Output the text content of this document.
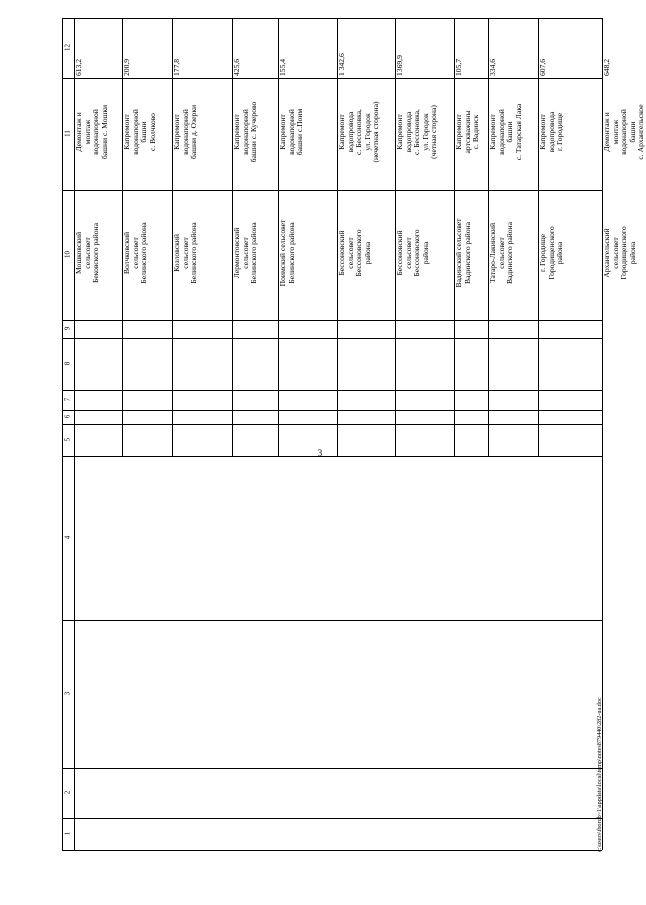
3
1
2
3
4
5
6
7
8
9
10
11
12
613,2
Демонтаж и
монтаж
водонапорной
башни с. Мошки
Мошковский
сельсовет
Бековского района
200,9
Капремонт
водонапорной
башни
с. Волчково
Волчковский
сельсовет
Белинского района
177,8
Капремонт
водонапорной
башни д. Озерки
Козловский
сельсовет
Белинского района
425,6
Капремонт
водонапорной
башни с. Кучерово
Лермонтовский
сельсовет
Белинского района
155,4
Капремонт
водонапорной
башни с.Поим
Поимский сельсовет
Белинского района
1 342,6
Капремонт
водопровода
с. Бессоновка,
ул. Городок
(нечетная сторона)
Бессоновский
сельсовет
Бессоновского
района
1369,9
Капремонт
водопровода
с. Бессоновка,
ул. Городок
(четная сторона)
Бессоновский
сельсовет
Бессоновского
района
105,7
Капремонт
артскважины
с. Вадинск
Вадинский сельсовет
Вадинского района
334,6
Капремонт
водонапорной
башни
с. Татарская Лака
Татаро-Лакинский
сельсовет
Вадинского района
607,6
Капремонт
водопровода
г. Городище
г. Городище
Городищенского
района
648,2
Демонтаж и
монтаж
водонапорной
башни
с. Архангельское
Архангельский
сельсовет
Городищенского
района
c:\users\iborob~1\appdata\local\temp\notes879440\282-ua.doc
